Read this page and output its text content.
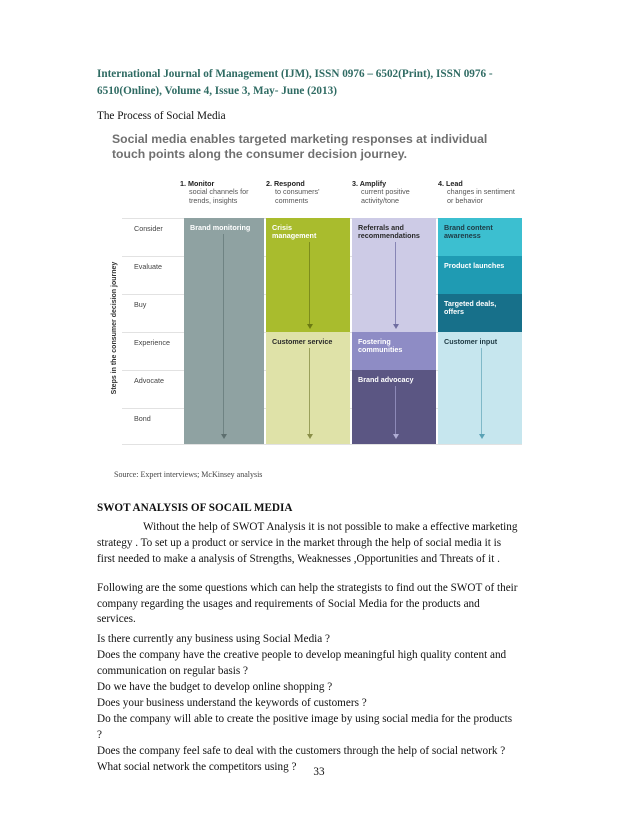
International Journal of Management (IJM), ISSN 0976 – 6502(Print), ISSN 0976 -
6510(Online), Volume 4, Issue 3, May- June (2013)
The Process of Social Media
Social media enables targeted marketing responses at individual
touch points along the consumer decision journey.
1. Monitor
social channels for
trends, insights
2. Respond
to consumers'
comments
3. Amplify
current positive
activity/tone
4. Lead
changes in sentiment
or behavior
Steps in the consumer decision journey
Consider
Evaluate
Buy
Experience
Advocate
Bond
Brand monitoring	Crisis
management
Customer service
Referrals and
recommendations
Fostering
communities
Brand advocacy
Brand content
awareness
Product launches
Targeted deals,
offers
Customer input
Source: Expert interviews; McKinsey analysis
SWOT ANALYSIS OF SOCAIL MEDIA
Without the help of SWOT Analysis it is not possible to make a effective marketing
strategy . To set up a product or service in the market through the help of social media it is
first needed to make a analysis of Strengths, Weaknesses ,Opportunities and Threats of it .
Following are the some questions which can help the strategists to find out the SWOT of their
company regarding the usages and requirements of Social Media for the products and
services.
Is there currently any business using Social Media ?
Does the company have the creative people to develop meaningful high quality content and
communication on regular basis ?
Do we have the budget to develop online shopping ?
Does your business understand the keywords of customers ?
Do the company will able to create the positive image by using social media for the products
?
Does the company feel safe to deal with the customers through the help of social network ?
What social network the competitors using ?	33
